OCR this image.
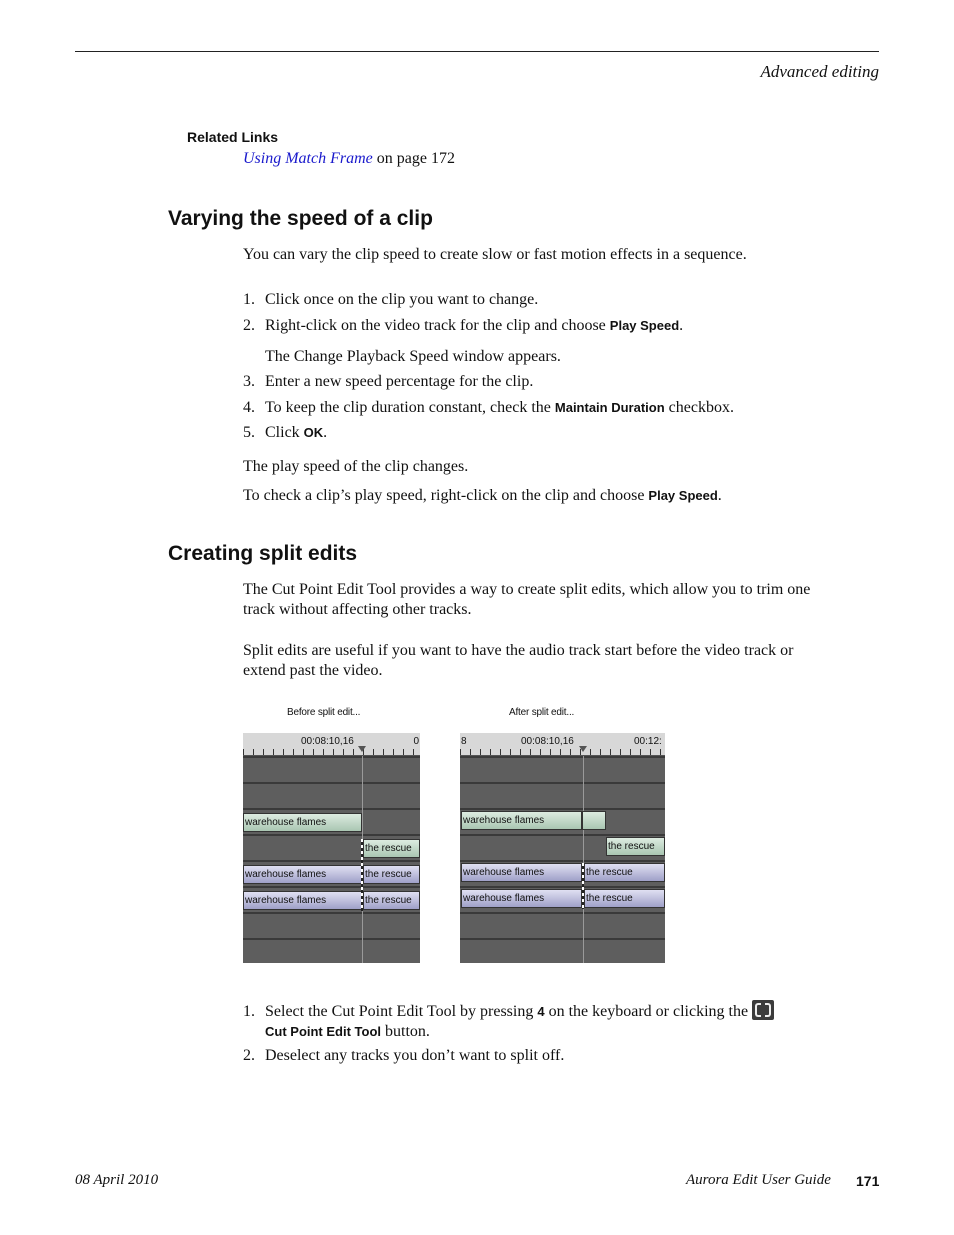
Advanced editing
Related Links
Using Match Frame on page 172
Varying the speed of a clip
You can vary the clip speed to create slow or fast motion effects in a sequence.
1. Click once on the clip you want to change.
2. Right-click on the video track for the clip and choose Play Speed.
The Change Playback Speed window appears.
3. Enter a new speed percentage for the clip.
4. To keep the clip duration constant, check the Maintain Duration checkbox.
5. Click OK.
The play speed of the clip changes.
To check a clip’s play speed, right-click on the clip and choose Play Speed.
Creating split edits
The Cut Point Edit Tool provides a way to create split edits, which allow you to trim one track without affecting other tracks.
Split edits are useful if you want to have the audio track start before the video track or extend past the video.
Before split edit...	After split edit...
00:08:10,16	0
warehouse flames
the rescue
warehouse flames	the rescue
warehouse flames	the rescue
8	00:08:10,16	00:12:
warehouse flames
the rescue
warehouse flames	the rescue
warehouse flames	the rescue
1. Select the Cut Point Edit Tool by pressing 4 on the keyboard or clicking the

Cut Point Edit Tool button.
2. Deselect any tracks you don’t want to split off.
08 April 2010	Aurora Edit User Guide 171
